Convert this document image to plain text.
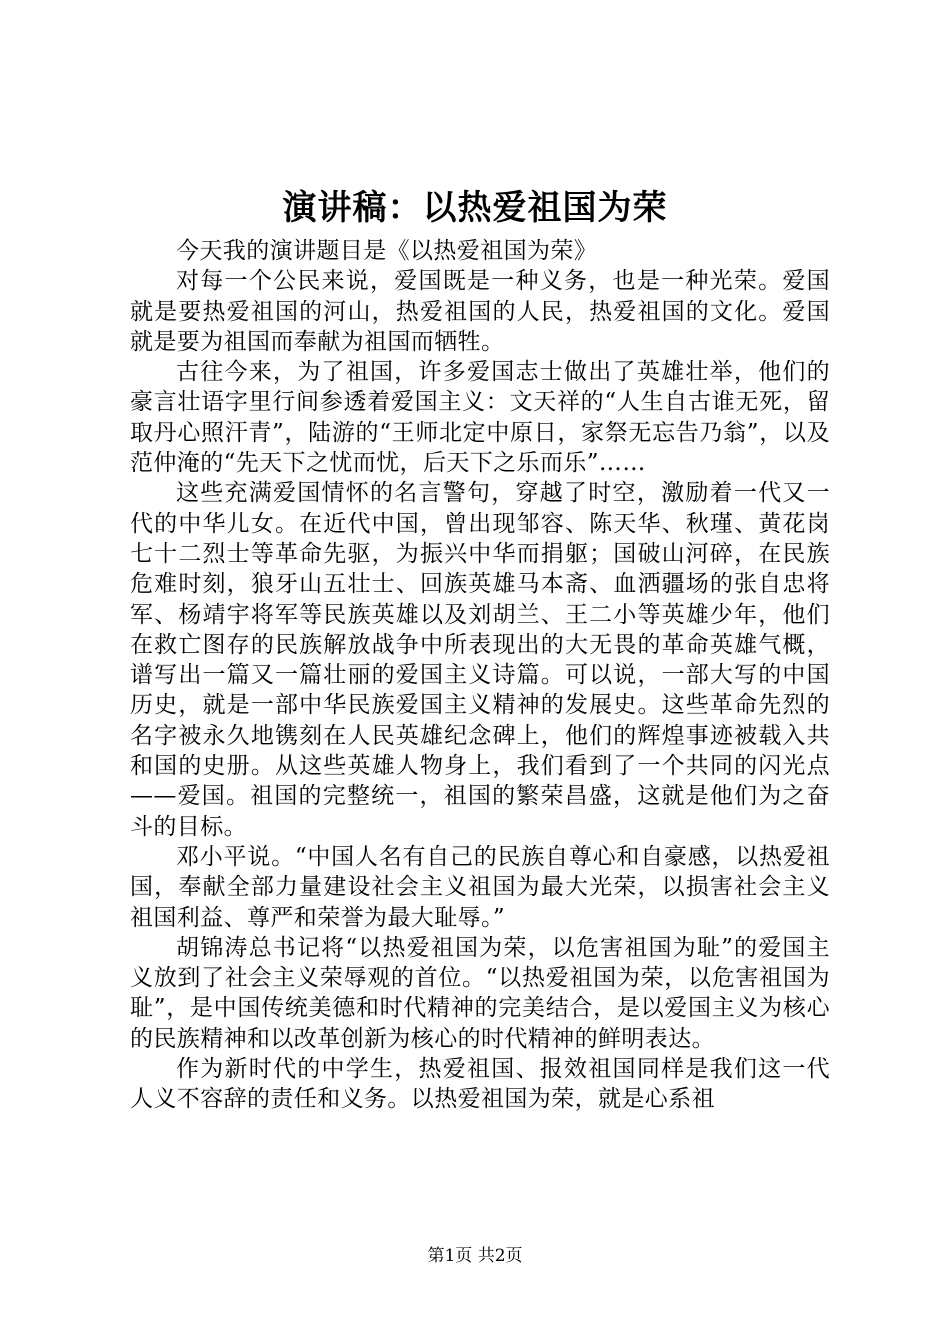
演讲稿：以热爱祖国为荣

今天我的演讲题目是《以热爱祖国为荣》

对每一个公民来说，爱国既是一种义务，也是一种光荣。爱国就是要热爱祖国的河山，热爱祖国的人民，热爱祖国的文化。爱国就是要为祖国而奉献为祖国而牺牲。

古往今来，为了祖国，许多爱国志士做出了英雄壮举，他们的豪言壮语字里行间参透着爱国主义：文天祥的“人生自古谁无死，留取丹心照汗青”，陆游的“王师北定中原日，家祭无忘告乃翁”，以及范仲淹的“先天下之忧而忧，后天下之乐而乐”……

这些充满爱国情怀的名言警句，穿越了时空，激励着一代又一代的中华儿女。在近代中国，曾出现邹容、陈天华、秋瑾、黄花岗七十二烈士等革命先驱，为振兴中华而捐躯；国破山河碎，在民族危难时刻，狼牙山五壮士、回族英雄马本斋、血洒疆场的张自忠将军、杨靖宇将军等民族英雄以及刘胡兰、王二小等英雄少年，他们在救亡图存的民族解放战争中所表现出的大无畏的革命英雄气概，谱写出一篇又一篇壮丽的爱国主义诗篇。可以说，一部大写的中国历史，就是一部中华民族爱国主义精神的发展史。这些革命先烈的名字被永久地镌刻在人民英雄纪念碑上，他们的辉煌事迹被载入共和国的史册。从这些英雄人物身上，我们看到了一个共同的闪光点——爱国。祖国的完整统一，祖国的繁荣昌盛，这就是他们为之奋斗的目标。

邓小平说。“中国人名有自己的民族自尊心和自豪感，以热爱祖国，奉献全部力量建设社会主义祖国为最大光荣，以损害社会主义祖国利益、尊严和荣誉为最大耻辱。”

胡锦涛总书记将“以热爱祖国为荣，以危害祖国为耻”的爱国主义放到了社会主义荣辱观的首位。“以热爱祖国为荣，以危害祖国为耻”，是中国传统美德和时代精神的完美结合，是以爱国主义为核心的民族精神和以改革创新为核心的时代精神的鲜明表达。

作为新时代的中学生，热爱祖国、报效祖国同样是我们这一代人义不容辞的责任和义务。以热爱祖国为荣，就是心系祖

第1页 共2页
